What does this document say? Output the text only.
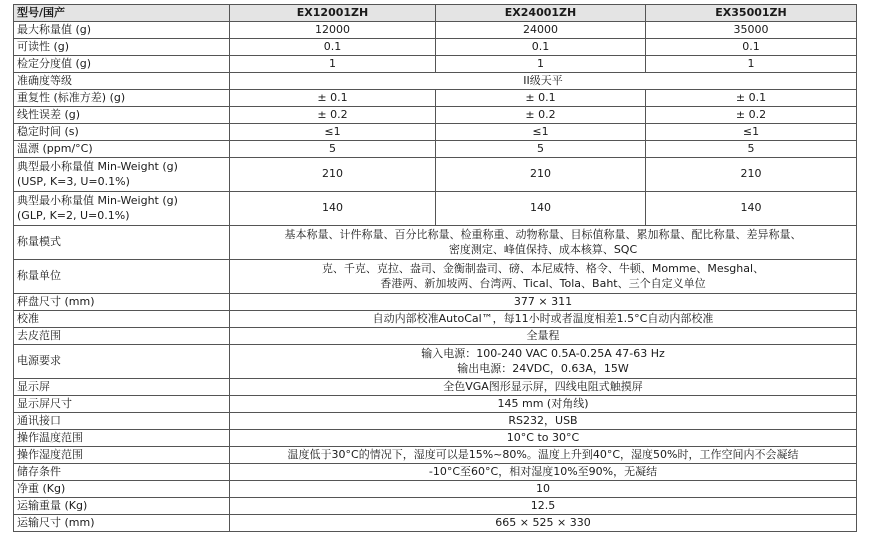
型号/国产	EX12001ZH	EX24001ZH	EX35001ZH
最大称量值 (g)	12000	24000	35000
可读性 (g)	0.1	0.1	0.1
检定分度值 (g)	1	1	1
准确度等级	II级天平		

重复性 (标准方差) (g)	± 0.1	± 0.1	± 0.1
线性误差 (g)	± 0.2	± 0.2	± 0.2
稳定时间 (s)	≤1	≤1	≤1
温漂 (ppm/°C)	5	5	5

典型最小称量值 Min-Weight (g)
(USP, K=3, U=0.1%)	210	210	210

典型最小称量值 Min-Weight (g)
(GLP, K=2, U=0.1%)	140	140	140
称量模式	基本称量、计件称量、百分比称量、检重称重、动物称量、目标值称量、累加称量、配比称量、差异称量、
密度测定、峰值保持、成本核算、SQC		

称量单位	克、千克、克拉、盎司、金衡制盎司、磅、本尼威特、格令、牛顿、Momme、Mesghal、
香港两、新加坡两、台湾两、Tical、Tola、Baht、三个自定义单位		

秤盘尺寸 (mm)	377 × 311		

校准	自动内部校准AutoCal™，每11小时或者温度相差1.5°C自动内部校准		

去皮范围	全量程		

电源要求	输入电源：100-240 VAC 0.5A-0.25A 47-63 Hz
输出电源：24VDC，0.63A，15W		

显示屏	全色VGA图形显示屏，四线电阻式触摸屏		

显示屏尺寸	145 mm (对角线)		

通讯接口	RS232，USB		

操作温度范围	10°C to 30°C		

操作湿度范围	温度低于30°C的情况下，湿度可以是15%~80%。温度上升到40°C，湿度50%时，工作空间内不会凝结		

储存条件	-10°C至60°C，相对湿度10%至90%，无凝结		

净重 (Kg)	10		

运输重量 (Kg)	12.5		

运输尺寸 (mm)	665 × 525 × 330		
